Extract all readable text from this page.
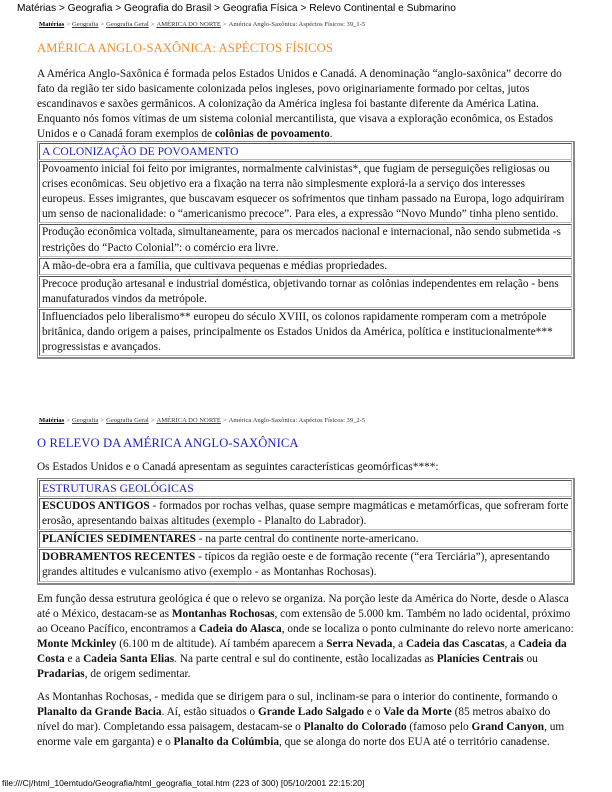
Matérias > Geografia > Geografia do Brasil > Geografia Física > Relevo Continental e Submarino
Matérias > Geografia > Geografia Geral > AMÉRICA DO NORTE > América Anglo-Saxônica: Aspéctos Físicos: 39_1-5
AMÉRICA ANGLO-SAXÔNICA: ASPÉCTOS FÍSICOS
A América Anglo-Saxônica é formada pelos Estados Unidos e Canadá. A denominação “anglo-saxônica” decorre do fato da região ter sido basicamente colonizada pelos ingleses, povo originariamente formado por celtas, jutos escandinavos e saxões germânicos. A colonização da América inglesa foi bastante diferente da América Latina. Enquanto nós fomos vítimas de um sistema colonial mercantilista, que visava a exploração econômica, os Estados Unidos e o Canadá foram exemplos de colônias de povoamento.
A COLONIZAÇÃO DE POVOAMENTO
Povoamento inicial foi feito por imigrantes, normalmente calvinistas*, que fugiam de perseguições religiosas ou crises econômicas. Seu objetivo era a fixação na terra não simplesmente explorá-la a serviço dos interesses europeus. Esses imigrantes, que buscavam esquecer os sofrimentos que tinham passado na Europa, logo adquiriram um senso de nacionalidade: o “americanismo precoce”. Para eles, a expressão “Novo Mundo” tinha pleno sentido.
Produção econômica voltada, simultaneamente, para os mercados nacional e internacional, não sendo submetida -s restrições do “Pacto Colonial”: o comércio era livre.
A mão-de-obra era a família, que cultivava pequenas e médias propriedades.
Precoce produção artesanal e industrial doméstica, objetivando tornar as colônias independentes em relação - bens manufaturados vindos da metrópole.
Influenciados pelo liberalismo** europeu do século XVIII, os colonos rapidamente romperam com a metrópole britânica, dando origem a paises, principalmente os Estados Unidos da América, política e institucionalmente*** progressistas e avançados.
Matérias > Geografia > Geografia Geral > AMÉRICA DO NORTE > América Anglo-Saxônica: Aspéctos Físicos: 39_2-5
O RELEVO DA AMÉRICA ANGLO-SAXÔNICA
Os Estados Unidos e o Canadá apresentam as seguintes características geomórficas****:
ESTRUTURAS GEOLÓGICAS
ESCUDOS ANTIGOS - formados por rochas velhas, quase sempre magmáticas e metamórficas, que sofreram forte erosão, apresentando baixas altitudes (exemplo - Planalto do Labrador).
PLANÍCIES SEDIMENTARES - na parte central do continente norte-americano.
DOBRAMENTOS RECENTES - típicos da região oeste e de formação recente (“era Terciária”), apresentando grandes altitudes e vulcanismo ativo (exemplo - as Montanhas Rochosas).
Em função dessa estrutura geológica é que o relevo se organiza. Na porção leste da América do Norte, desde o Alasca até o México, destacam-se as Montanhas Rochosas, com extensão de 5.000 km. Também no lado ocidental, próximo ao Oceano Pacífico, encontramos a Cadeia do Alasca, onde se localiza o ponto culminante do relevo norte americano: Monte Mckinley (6.100 m de altitude). Aí também aparecem a Serra Nevada, a Cadeia das Cascatas, a Cadeia da Costa e a Cadeia Santa Elias. Na parte central e sul do continente, estão localizadas as Planícies Centrais ou Pradarias, de origem sedimentar.
As Montanhas Rochosas, - medida que se dirigem para o sul, inclinam-se para o interior do continente, formando o Planalto da Grande Bacia. Aí, estão situados o Grande Lado Salgado e o Vale da Morte (85 metros abaixo do nível do mar). Completando essa paisagem, destacam-se o Planalto do Colorado (famoso pelo Grand Canyon, um enorme vale em garganta) e o Planalto da Colúmbia, que se alonga do norte dos EUA até o território canadense.
file:///C|/html_10emtudo/Geografia/html_geografia_total.htm (223 of 300) [05/10/2001 22:15:20]
